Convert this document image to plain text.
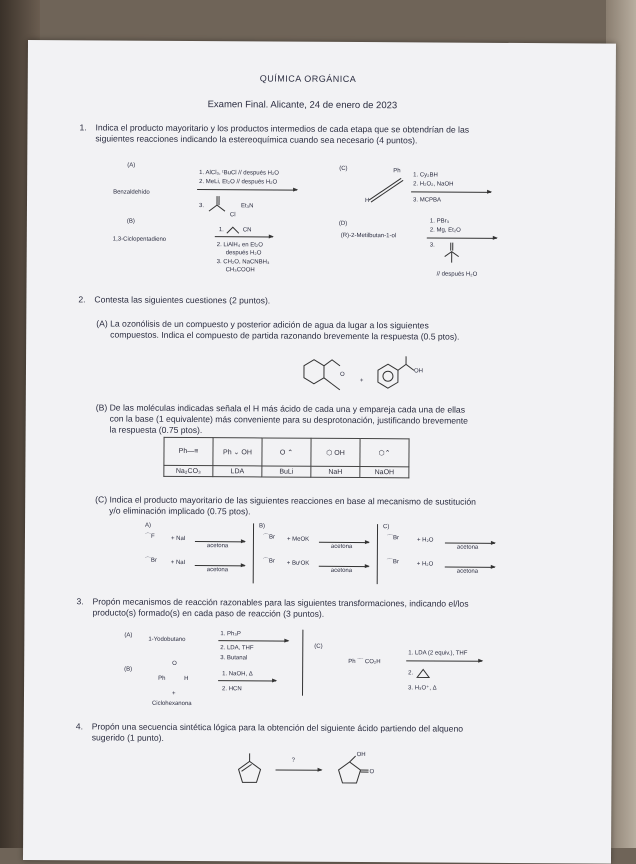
QUÍMICA ORGÁNICA
Examen Final. Alicante, 24 de enero de 2023
1. Indica el producto mayoritario y los productos intermedios de cada etapa que se obtendrían de las
siguientes reacciones indicando la estereoquímica cuando sea necesario (4 puntos).
(A)
Benzaldehído
1. AlCl₃, ᵗBuCl // después H₂O
2. MeLi, Et₂O // después H₂O
3.
Cl
Et₃N
(B)
1,3-Ciclopentadieno
1.	CN
2. LiAlH₄ en Et₂O
después H₂O
3. CH₂O, NaCNBH₃
CH₃COOH
(C)	Ph
H
1. Cy₂BH
2. H₂O₂, NaOH
3. MCPBA
(D)
(R)-2-Metilbutan-1-ol
1. PBr₃
2. Mg, Et₂O
3.
// después H₂O
2. Contesta las siguientes cuestiones (2 puntos).
(A) La ozonólisis de un compuesto y posterior adición de agua da lugar a los siguientes
compuestos. Indica el compuesto de partida razonando brevemente la respuesta (0.5 ptos).
O
+
OH
(B) De las moléculas indicadas señala el H más ácido de cada una y empareja cada una de ellas
con la base (1 equivalente) más conveniente para su desprotonación, justificando brevemente
la respuesta (0.75 ptos).
Ph—≡	Ph ⌄ OH	O ⌃	⬡ OH	⬡⌃
Na₂CO₃	LDA	BuLi	NaH	NaOH
(C) Indica el producto mayoritario de las siguientes reacciones en base al mecanismo de sustitución
y/o eliminación implicado (0.75 ptos).
A)
⌒F	+ NaI
acetona
⌒Br + NaI
acetona
B)
⌒Br + MeOK
acetona
⌒Br + BuᵗOK
acetona
C)
⌒Br	+ H₂O
acetona
⌒Br	+ H₂O
acetona
3. Propón mecanismos de reacción razonables para las siguientes transformaciones, indicando el/los
producto(s) formado(s) en cada paso de reacción (3 puntos).
(A)
1-Yodobutano
1. Ph₃P
2. LDA, THF
3. Butanal
(B)
O
Ph	H
+
Ciclohexanona
1. NaOH, Δ
2. HCN
(C)
Ph ⌒ CO₂H
1. LDA (2 equiv.), THF
2.
3. H₃O⁺, Δ
4. Propón una secuencia sintética lógica para la obtención del siguiente ácido partiendo del alqueno
sugerido (1 punto).
?
OH
O
